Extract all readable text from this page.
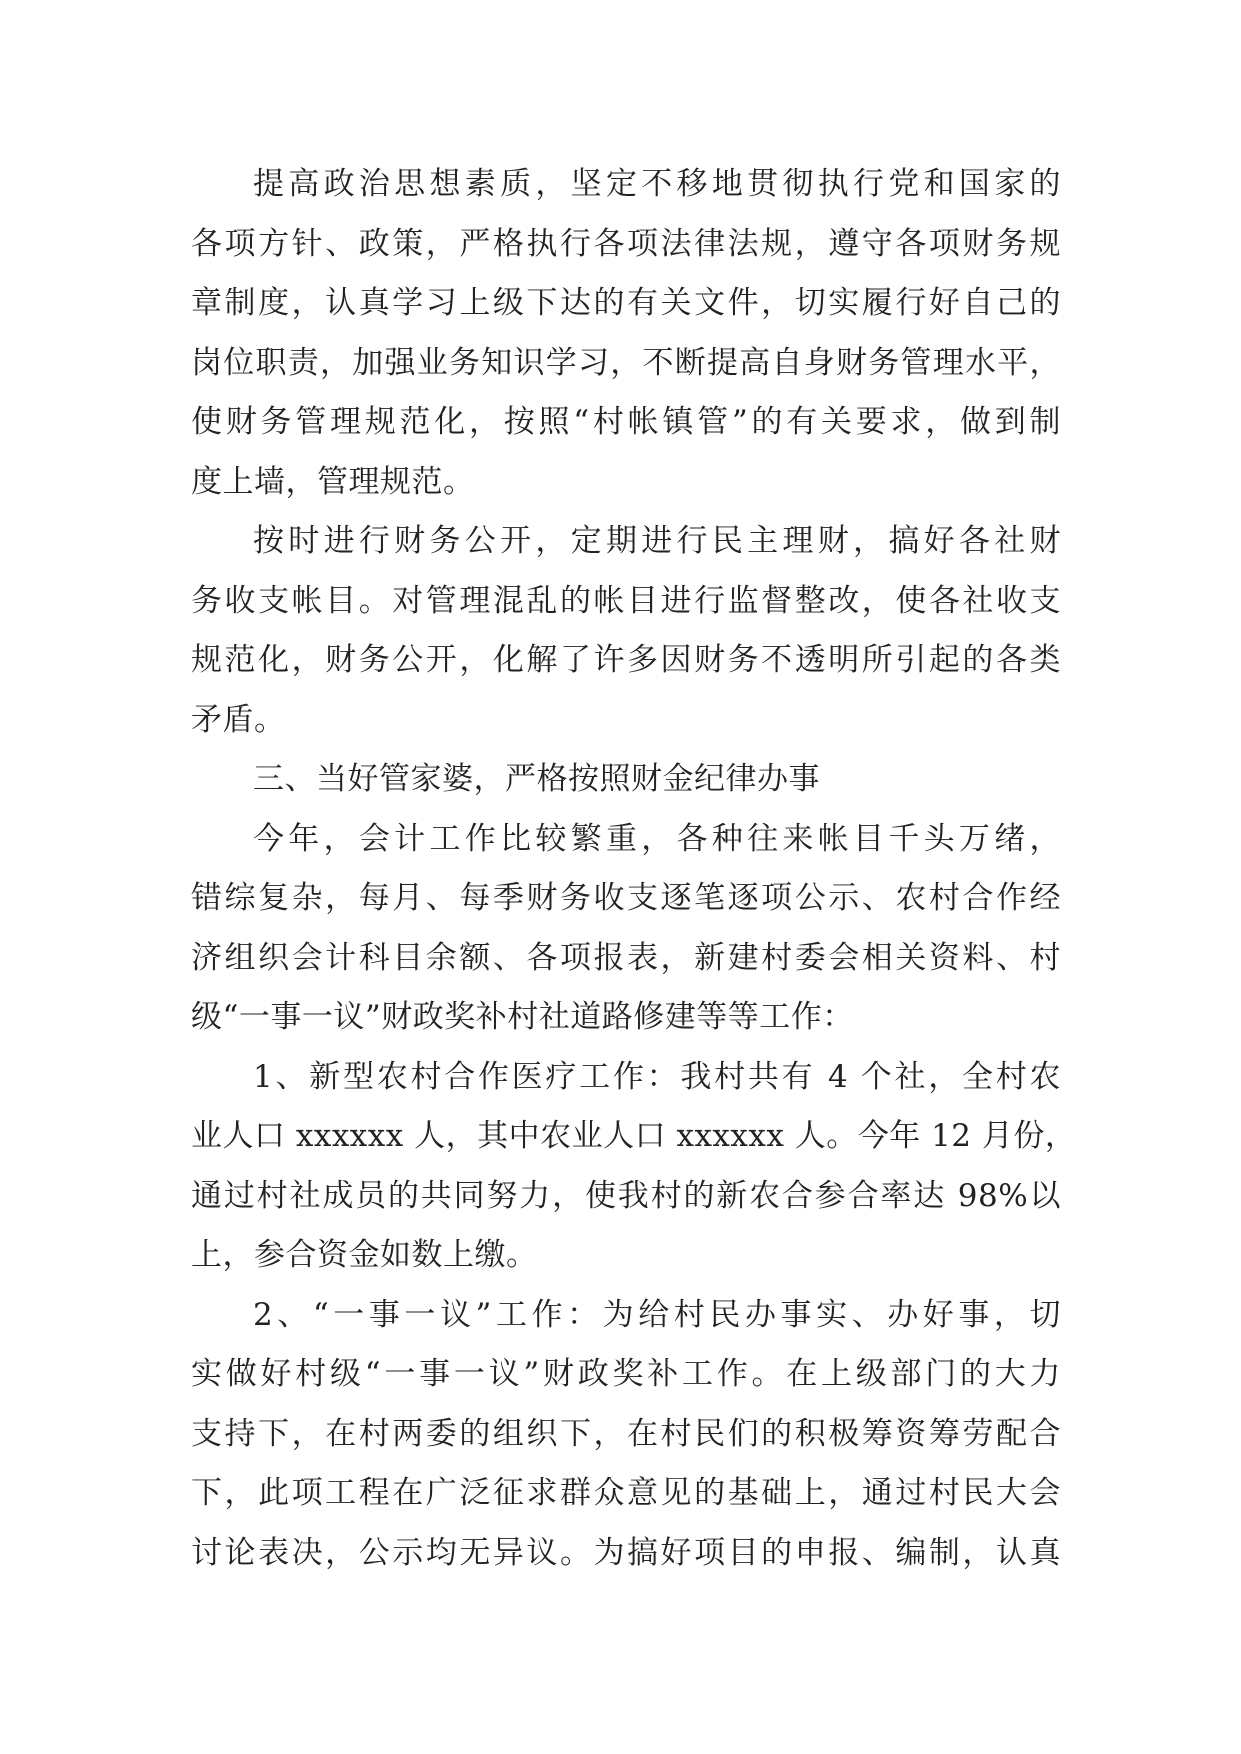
提高政治思想素质，坚定不移地贯彻执行党和国家的
各项方针、政策，严格执行各项法律法规，遵守各项财务规
章制度，认真学习上级下达的有关文件，切实履行好自己的
岗位职责，加强业务知识学习，不断提高自身财务管理水平，
使财务管理规范化，按照“村帐镇管”的有关要求，做到制
度上墙，管理规范。
按时进行财务公开，定期进行民主理财，搞好各社财
务收支帐目。对管理混乱的帐目进行监督整改，使各社收支
规范化，财务公开，化解了许多因财务不透明所引起的各类
矛盾。
三、当好管家婆，严格按照财金纪律办事
今年，会计工作比较繁重，各种往来帐目千头万绪，
错综复杂，每月、每季财务收支逐笔逐项公示、农村合作经
济组织会计科目余额、各项报表，新建村委会相关资料、村
级“一事一议”财政奖补村社道路修建等等工作：
1、新型农村合作医疗工作：我村共有 4 个社，全村农
业人口 xxxxxx 人，其中农业人口 xxxxxx 人。今年 12 月份，
通过村社成员的共同努力，使我村的新农合参合率达 98%以
上，参合资金如数上缴。
2、“一事一议”工作：为给村民办事实、办好事，切
实做好村级“一事一议”财政奖补工作。在上级部门的大力
支持下，在村两委的组织下，在村民们的积极筹资筹劳配合
下，此项工程在广泛征求群众意见的基础上，通过村民大会
讨论表决，公示均无异议。为搞好项目的申报、编制，认真
